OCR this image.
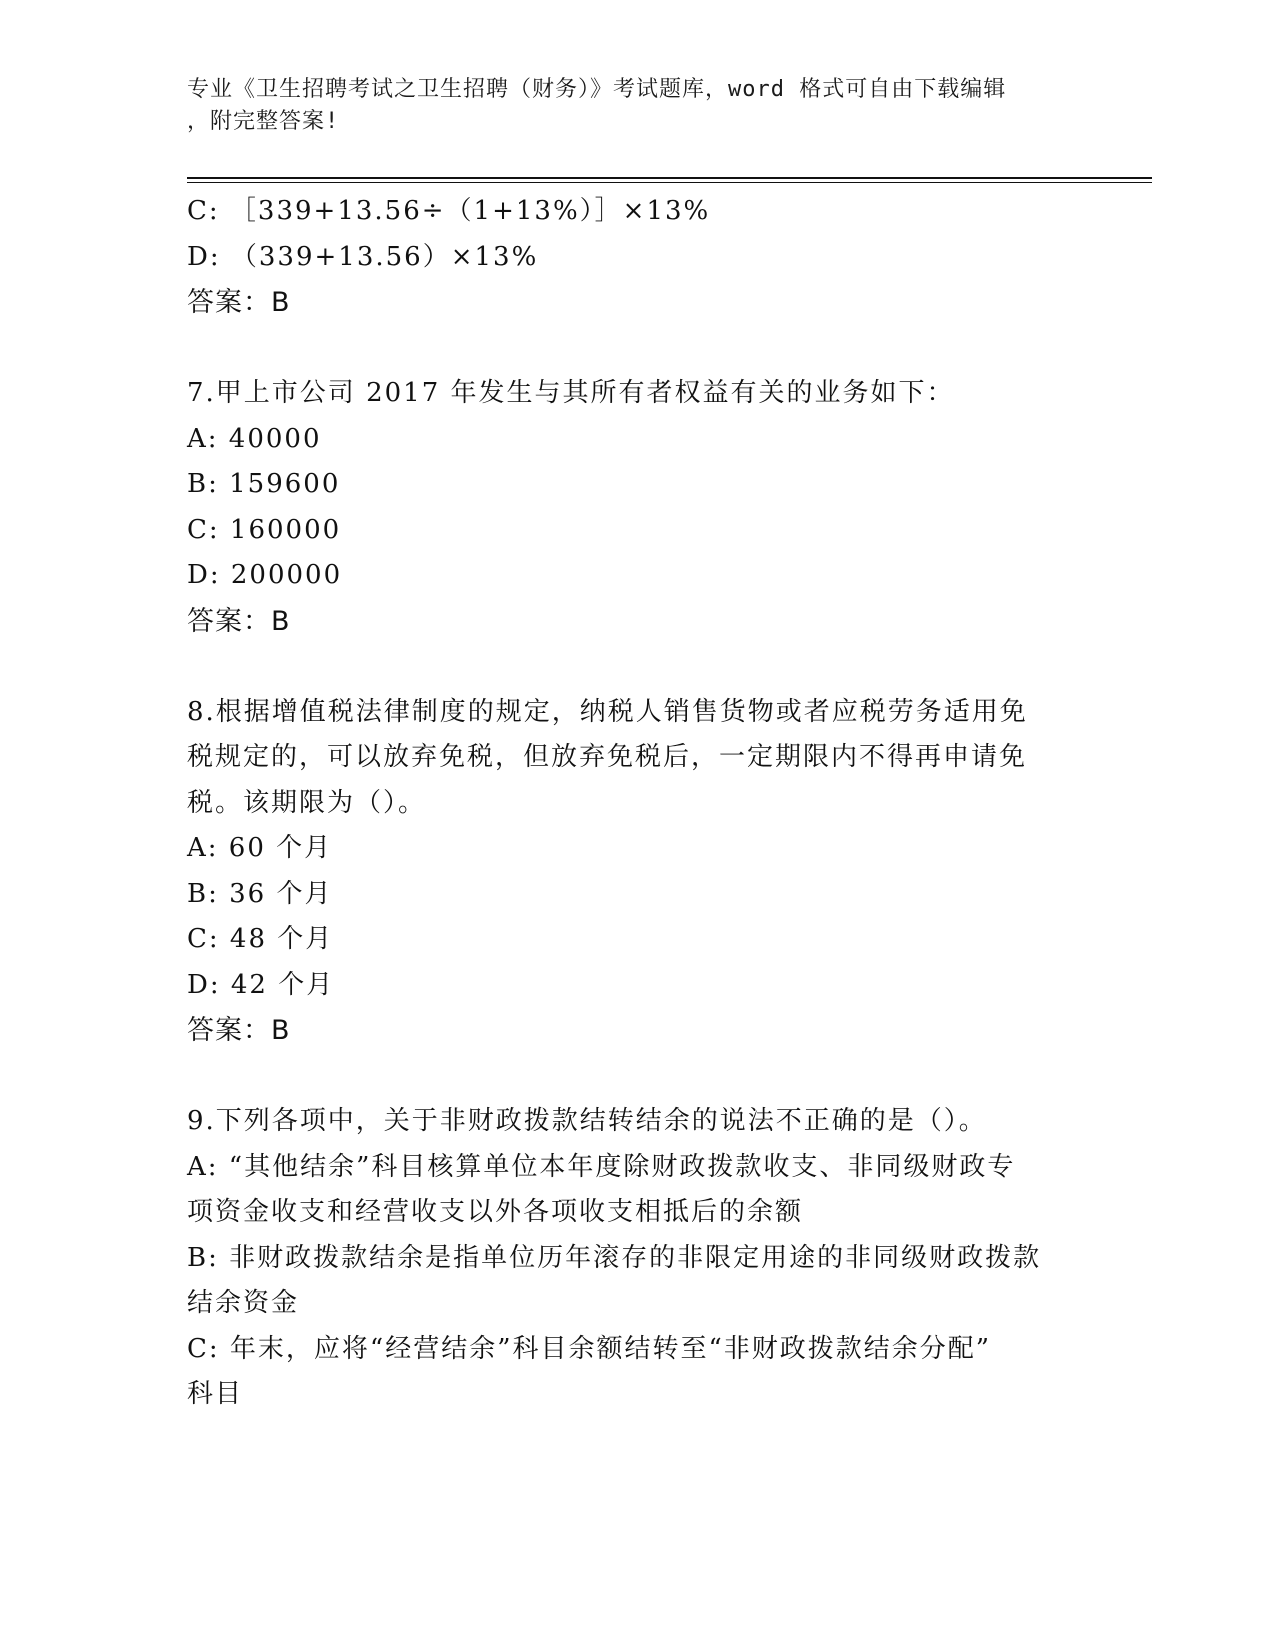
专业《卫生招聘考试之卫生招聘（财务）》考试题库，word 格式可自由下载编辑
，附完整答案!
C: ［339+13.56÷（1+13%）］×13%
D: （339+13.56）×13%
答案：B
7.甲上市公司 2017 年发生与其所有者权益有关的业务如下：
A: 40000
B: 159600
C: 160000
D: 200000
答案：B
8.根据增值税法律制度的规定，纳税人销售货物或者应税劳务适用免
税规定的，可以放弃免税，但放弃免税后，一定期限内不得再申请免
税。该期限为（）。
A: 60 个月
B: 36 个月
C: 48 个月
D: 42 个月
答案：B
9.下列各项中，关于非财政拨款结转结余的说法不正确的是（）。
A: “其他结余”科目核算单位本年度除财政拨款收支、非同级财政专
项资金收支和经营收支以外各项收支相抵后的余额
B: 非财政拨款结余是指单位历年滚存的非限定用途的非同级财政拨款
结余资金
C: 年末，应将“经营结余”科目余额结转至“非财政拨款结余分配”
科目
